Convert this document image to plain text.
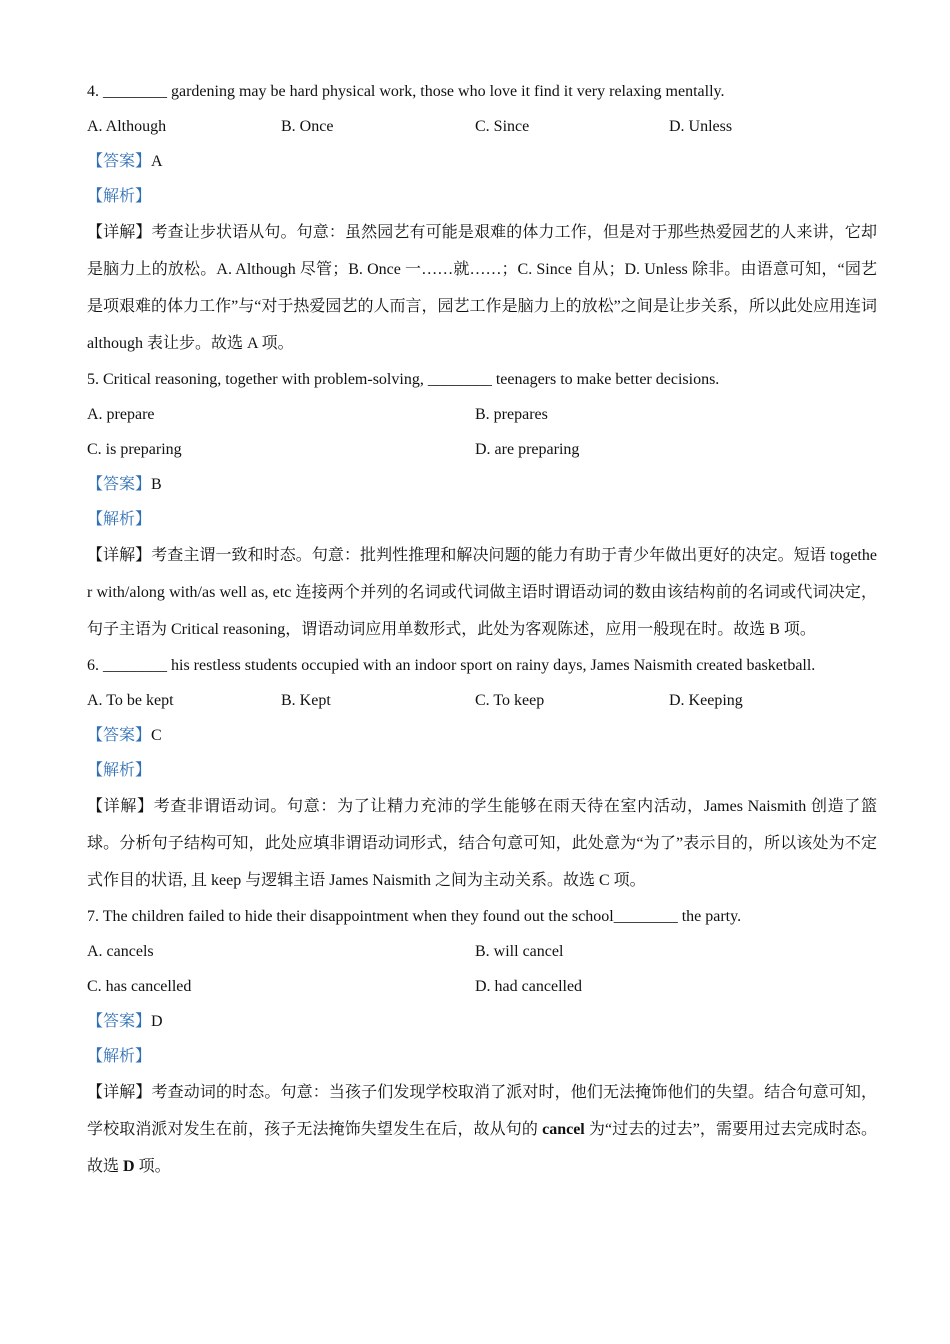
4. ________ gardening may be hard physical work, those who love it find it very relaxing mentally.
A. Although	B. Once	C. Since	D. Unless
【答案】A
【解析】
【详解】考查让步状语从句。句意：虽然园艺有可能是艰难的体力工作，但是对于那些热爱园艺的人来讲，它却是脑力上的放松。A. Although 尽管；B. Once 一……就……；C. Since 自从；D. Unless 除非。由语意可知，“园艺是项艰难的体力工作”与“对于热爱园艺的人而言，园艺工作是脑力上的放松”之间是让步关系，所以此处应用连词 although 表让步。故选 A 项。
5. Critical reasoning, together with problem-solving, ________ teenagers to make better decisions.
A. prepare	B. prepares
C. is preparing	D. are preparing
【答案】B
【解析】
【详解】考查主谓一致和时态。句意：批判性推理和解决问题的能力有助于青少年做出更好的决定。短语 together with/along with/as well as, etc 连接两个并列的名词或代词做主语时谓语动词的数由该结构前的名词或代词决定，句子主语为 Critical reasoning，谓语动词应用单数形式，此处为客观陈述，应用一般现在时。故选 B 项。
6. ________ his restless students occupied with an indoor sport on rainy days, James Naismith created basketball.
A. To be kept	B. Kept	C. To keep	D. Keeping
【答案】C
【解析】
【详解】考查非谓语动词。句意：为了让精力充沛的学生能够在雨天待在室内活动，James Naismith 创造了篮球。分析句子结构可知，此处应填非谓语动词形式，结合句意可知，此处意为“为了”表示目的，所以该处为不定式作目的状语, 且 keep 与逻辑主语 James Naismith 之间为主动关系。故选 C 项。
7. The children failed to hide their disappointment when they found out the school________ the party.
A. cancels	B. will cancel
C. has cancelled	D. had cancelled
【答案】D
【解析】
【详解】考查动词的时态。句意：当孩子们发现学校取消了派对时，他们无法掩饰他们的失望。结合句意可知，学校取消派对发生在前，孩子无法掩饰失望发生在后，故从句的 cancel 为“过去的过去”，需要用过去完成时态。故选 D 项。
